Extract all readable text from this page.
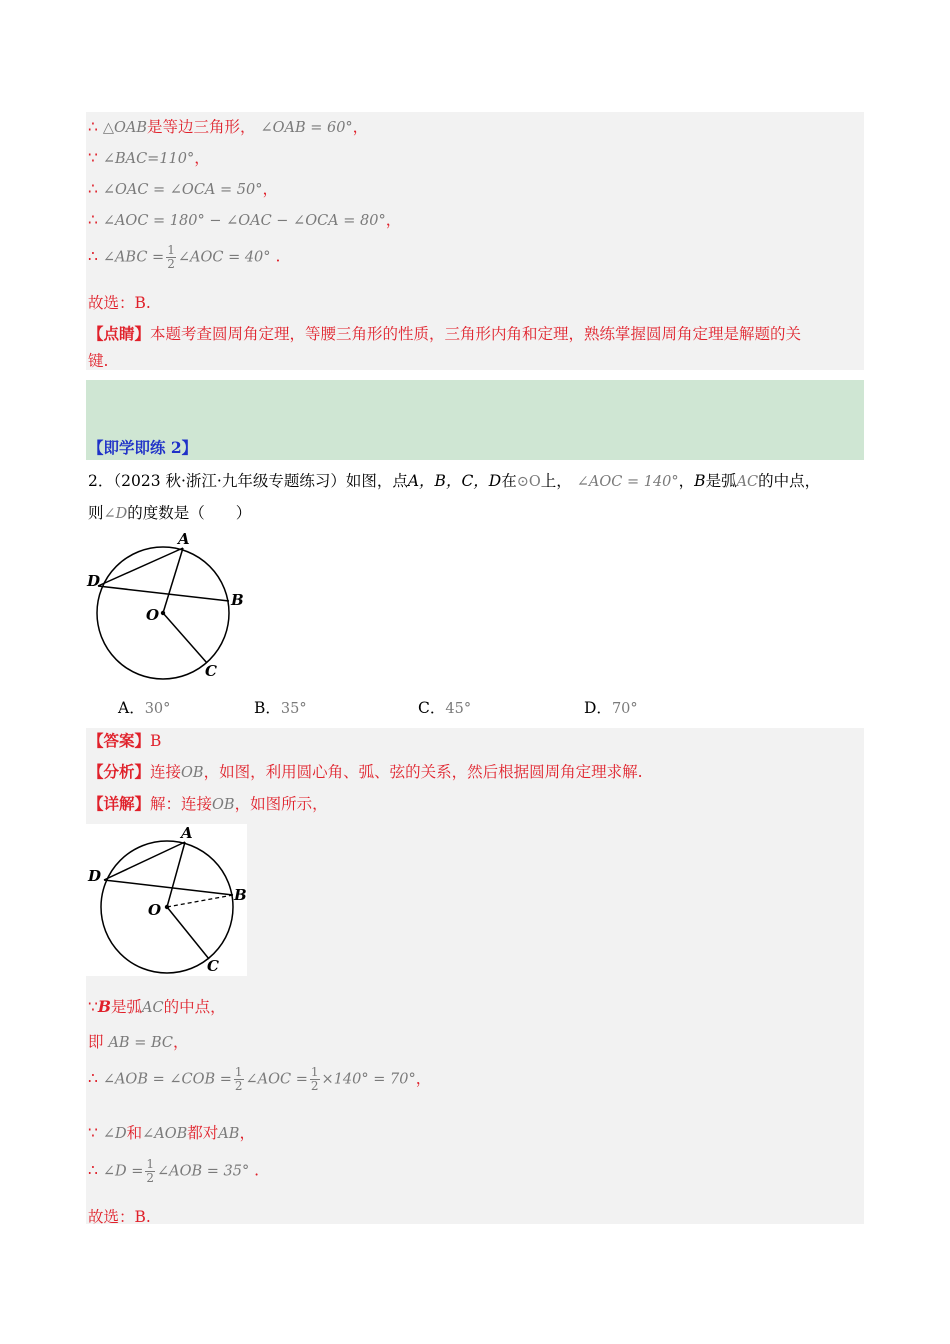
∴ △OAB是等边三角形， ∠OAB = 60°，
∵ ∠BAC=110°，
∴ ∠OAC = ∠OCA = 50°，
∴ ∠AOC = 180° − ∠OAC − ∠OCA = 80°，
∴ ∠ABC = $\frac{1}{2}$ ∠AOC = 40° .
故选：B.
【点睛】本题考查圆周角定理，等腰三角形的性质，三角形内角和定理，熟练掌握圆周角定理是解题的关
键.
【即学即练 2】
2．（2023 秋·浙江·九年级专题练习）如图，点A，B，C，D在⊙O上， ∠AOC = 140°，B是弧AC的中点，
则∠D的度数是（　　）
A
D
B
O
C
A．30°	B．35°	C．45°	D．70°
【答案】B
【分析】连接OB，如图，利用圆心角、弧、弦的关系，然后根据圆周角定理求解.
【详解】解：连接OB，如图所示，
A
D
B
O
C
∵B是弧AC的中点，
即 AB = BC，
∴ ∠AOB = ∠COB = $\frac{1}{2}$ ∠AOC = $\frac{1}{2} \times 140^\circ = 70^\circ$，
∵ ∠D和∠AOB都对AB，
∴ ∠D = $\frac{1}{2}$ ∠AOB = 35° .
故选：B.
